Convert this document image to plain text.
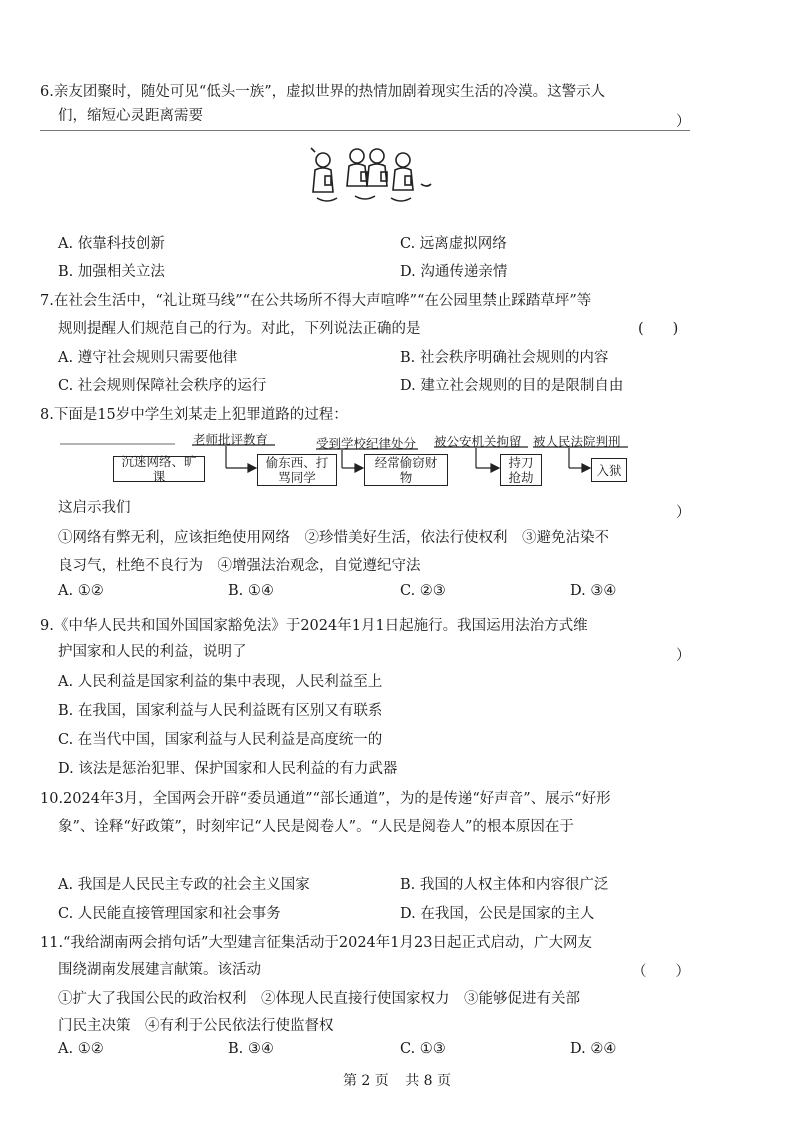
6.亲友团聚时，随处可见“低头一族”，虚拟世界的热情加剧着现实生活的冷漠。这警示人
们，缩短心灵距离需要	）
A. 依靠科技创新	C. 远离虚拟网络
B. 加强相关立法	D. 沟通传递亲情
7.在社会生活中，“礼让斑马线”“在公共场所不得大声喧哗”“在公园里禁止踩踏草坪”等
规则提醒人们规范自己的行为。对此，下列说法正确的是	(　　)
A. 遵守社会规则只需要他律	B. 社会秩序明确社会规则的内容
C. 社会规则保障社会秩序的运行	D. 建立社会规则的目的是限制自由
8.下面是15岁中学生刘某走上犯罪道路的过程：
老师批评教育	受到学校纪律处分 被公安机关拘留 被人民法院判刑
沉迷网络、旷课
偷东西、打骂同学
经常偷窃财物
持刀抢劫	入狱
这启示我们	）
①网络有弊无利，应该拒绝使用网络　②珍惜美好生活，依法行使权利　③避免沾染不
良习气，杜绝不良行为　④增强法治观念，自觉遵纪守法
A. ①②	B. ①④	C. ②③	D. ③④
9.《中华人民共和国外国国家豁免法》于2024年1月1日起施行。我国运用法治方式维
护国家和人民的利益，说明了	）
A. 人民利益是国家利益的集中表现，人民利益至上
B. 在我国，国家利益与人民利益既有区别又有联系
C. 在当代中国，国家利益与人民利益是高度统一的
D. 该法是惩治犯罪、保护国家和人民利益的有力武器
10.2024年3月，全国两会开辟“委员通道”“部长通道”，为的是传递“好声音”、展示“好形
象”、诠释“好政策”，时刻牢记“人民是阅卷人”。“人民是阅卷人”的根本原因在于
A. 我国是人民民主专政的社会主义国家	B. 我国的人权主体和内容很广泛
C. 人民能直接管理国家和社会事务	D. 在我国，公民是国家的主人
11.“我给湖南两会捎句话”大型建言征集活动于2024年1月23日起正式启动，广大网友
围绕湖南发展建言献策。该活动	（　　）
①扩大了我国公民的政治权利　②体现人民直接行使国家权力　③能够促进有关部
门民主决策　④有利于公民依法行使监督权
A. ①②	B. ③④	C. ①③	D. ②④
第 2 页 共 8 页
